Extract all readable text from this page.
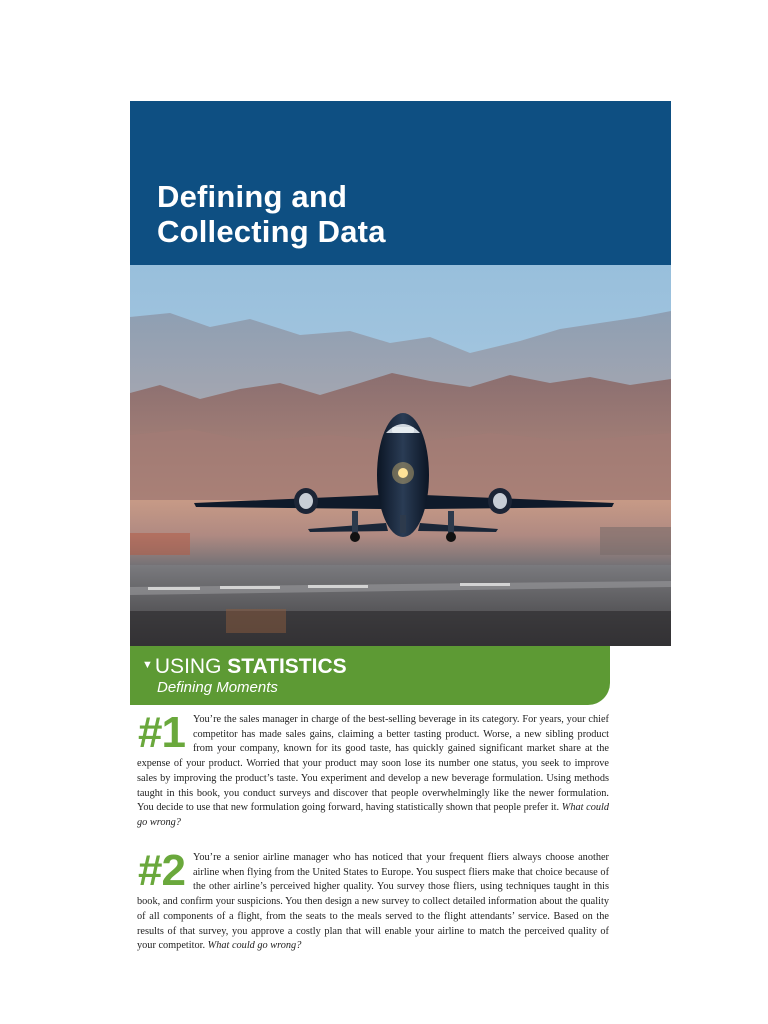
Defining and
Collecting Data
▼USING STATISTICS
Defining Moments
#1 You’re the sales manager in charge of the best-selling beverage in its category. For years, your chief competitor has made sales gains, claiming a better tasting product. Worse, a new sibling product from your company, known for its good taste, has quickly gained significant market share at the expense of your product. Worried that your product may soon lose its number one status, you seek to improve sales by improving the product’s taste. You experiment and develop a new beverage formulation. Using methods taught in this book, you conduct surveys and discover that people overwhelmingly like the newer formulation. You decide to use that new formulation going forward, having statistically shown that people prefer it. What could go wrong?

#2 You’re a senior airline manager who has noticed that your frequent fliers always choose another airline when flying from the United States to Europe. You suspect fliers make that choice because of the other airline’s perceived higher quality. You survey those fliers, using techniques taught in this book, and confirm your suspicions. You then design a new survey to collect detailed information about the quality of all components of a flight, from the seats to the meals served to the flight attendants’ service. Based on the results of that survey, you approve a costly plan that will enable your airline to match the perceived quality of your competitor. What could go wrong?
